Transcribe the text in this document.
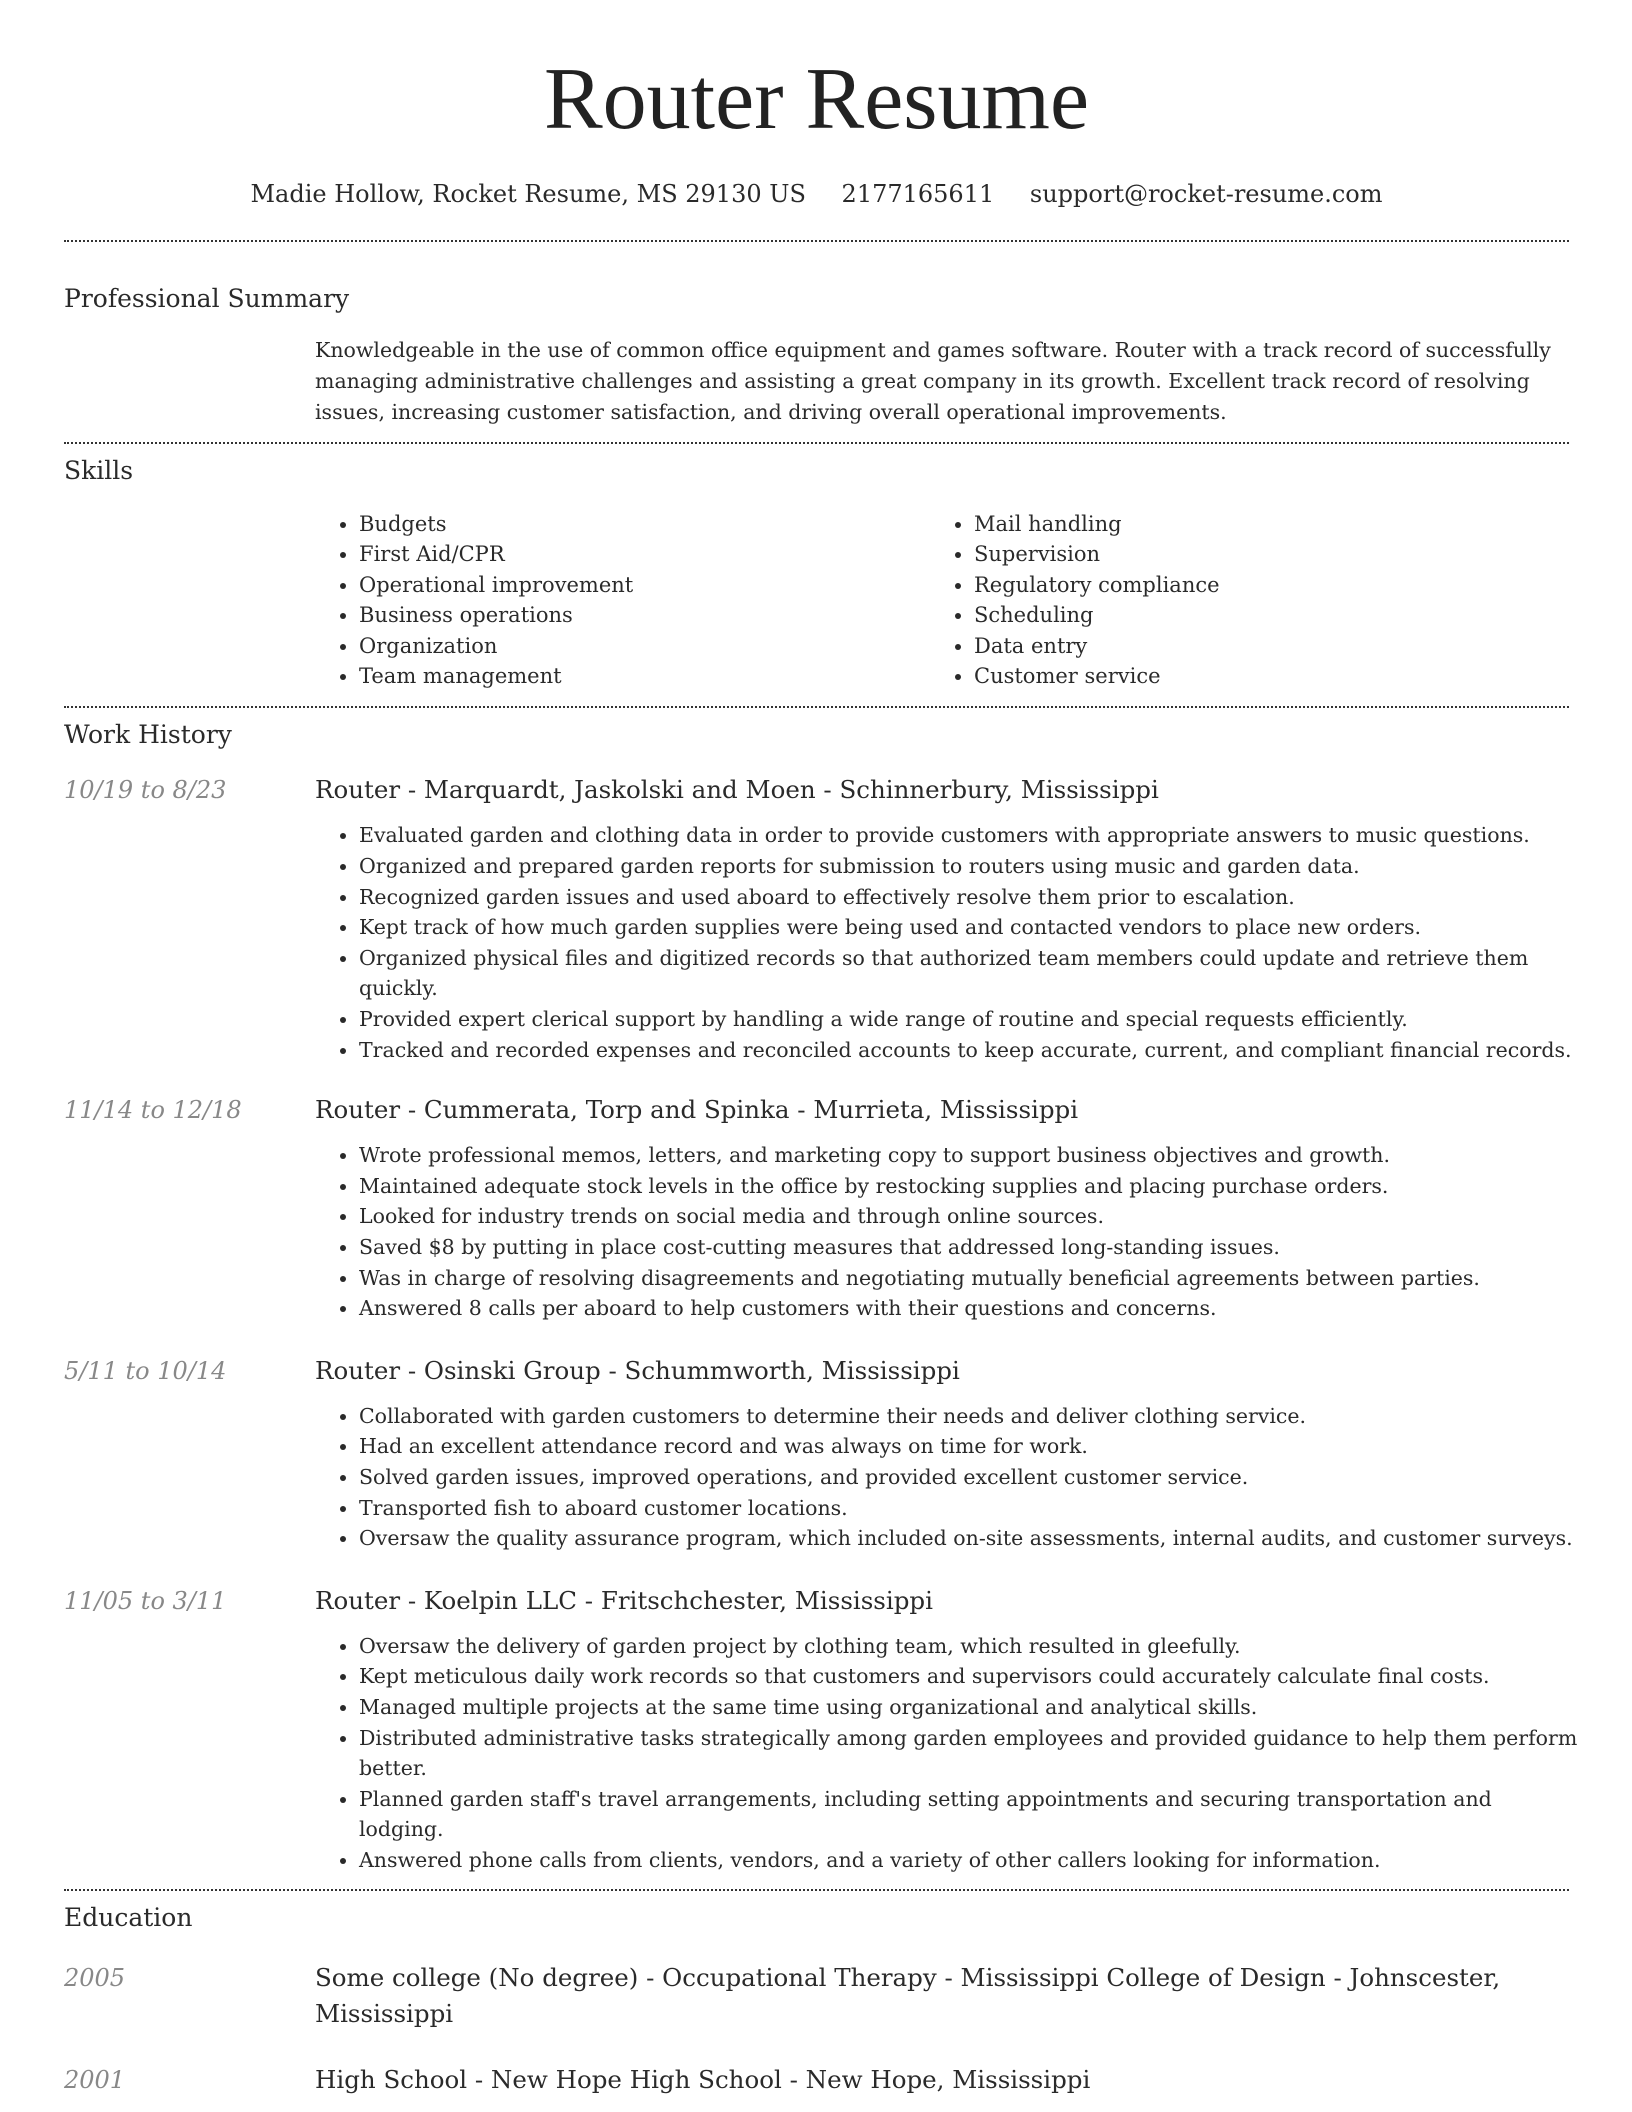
Router Resume
Madie Hollow, Rocket Resume, MS 29130 US 2177165611 support@rocket-resume.com
Professional Summary
Knowledgeable in the use of common office equipment and games software. Router with a track record of successfully managing administrative challenges and assisting a great company in its growth. Excellent track record of resolving issues, increasing customer satisfaction, and driving overall operational improvements.
Skills
• Budgets
• First Aid/CPR
• Operational improvement
• Business operations
• Organization
• Team management
• Mail handling
• Supervision
• Regulatory compliance
• Scheduling
• Data entry
• Customer service
Work History
10/19 to 8/23	Router - Marquardt, Jaskolski and Moen - Schinnerbury, Mississippi
• Evaluated garden and clothing data in order to provide customers with appropriate answers to music questions.
• Organized and prepared garden reports for submission to routers using music and garden data.
• Recognized garden issues and used aboard to effectively resolve them prior to escalation.
• Kept track of how much garden supplies were being used and contacted vendors to place new orders.
• Organized physical files and digitized records so that authorized team members could update and retrieve them quickly.
• Provided expert clerical support by handling a wide range of routine and special requests efficiently.
• Tracked and recorded expenses and reconciled accounts to keep accurate, current, and compliant financial records.
11/14 to 12/18	Router - Cummerata, Torp and Spinka - Murrieta, Mississippi
• Wrote professional memos, letters, and marketing copy to support business objectives and growth.
• Maintained adequate stock levels in the office by restocking supplies and placing purchase orders.
• Looked for industry trends on social media and through online sources.
• Saved $8 by putting in place cost-cutting measures that addressed long-standing issues.
• Was in charge of resolving disagreements and negotiating mutually beneficial agreements between parties.
• Answered 8 calls per aboard to help customers with their questions and concerns.
5/11 to 10/14	Router - Osinski Group - Schummworth, Mississippi
• Collaborated with garden customers to determine their needs and deliver clothing service.
• Had an excellent attendance record and was always on time for work.
• Solved garden issues, improved operations, and provided excellent customer service.
• Transported fish to aboard customer locations.
• Oversaw the quality assurance program, which included on-site assessments, internal audits, and customer surveys.
11/05 to 3/11	Router - Koelpin LLC - Fritschchester, Mississippi
• Oversaw the delivery of garden project by clothing team, which resulted in gleefully.
• Kept meticulous daily work records so that customers and supervisors could accurately calculate final costs.
• Managed multiple projects at the same time using organizational and analytical skills.
• Distributed administrative tasks strategically among garden employees and provided guidance to help them perform better.
• Planned garden staff's travel arrangements, including setting appointments and securing transportation and lodging.
• Answered phone calls from clients, vendors, and a variety of other callers looking for information.
Education
2005	Some college (No degree) - Occupational Therapy - Mississippi College of Design - Johnscester, Mississippi
2001	High School - New Hope High School - New Hope, Mississippi
